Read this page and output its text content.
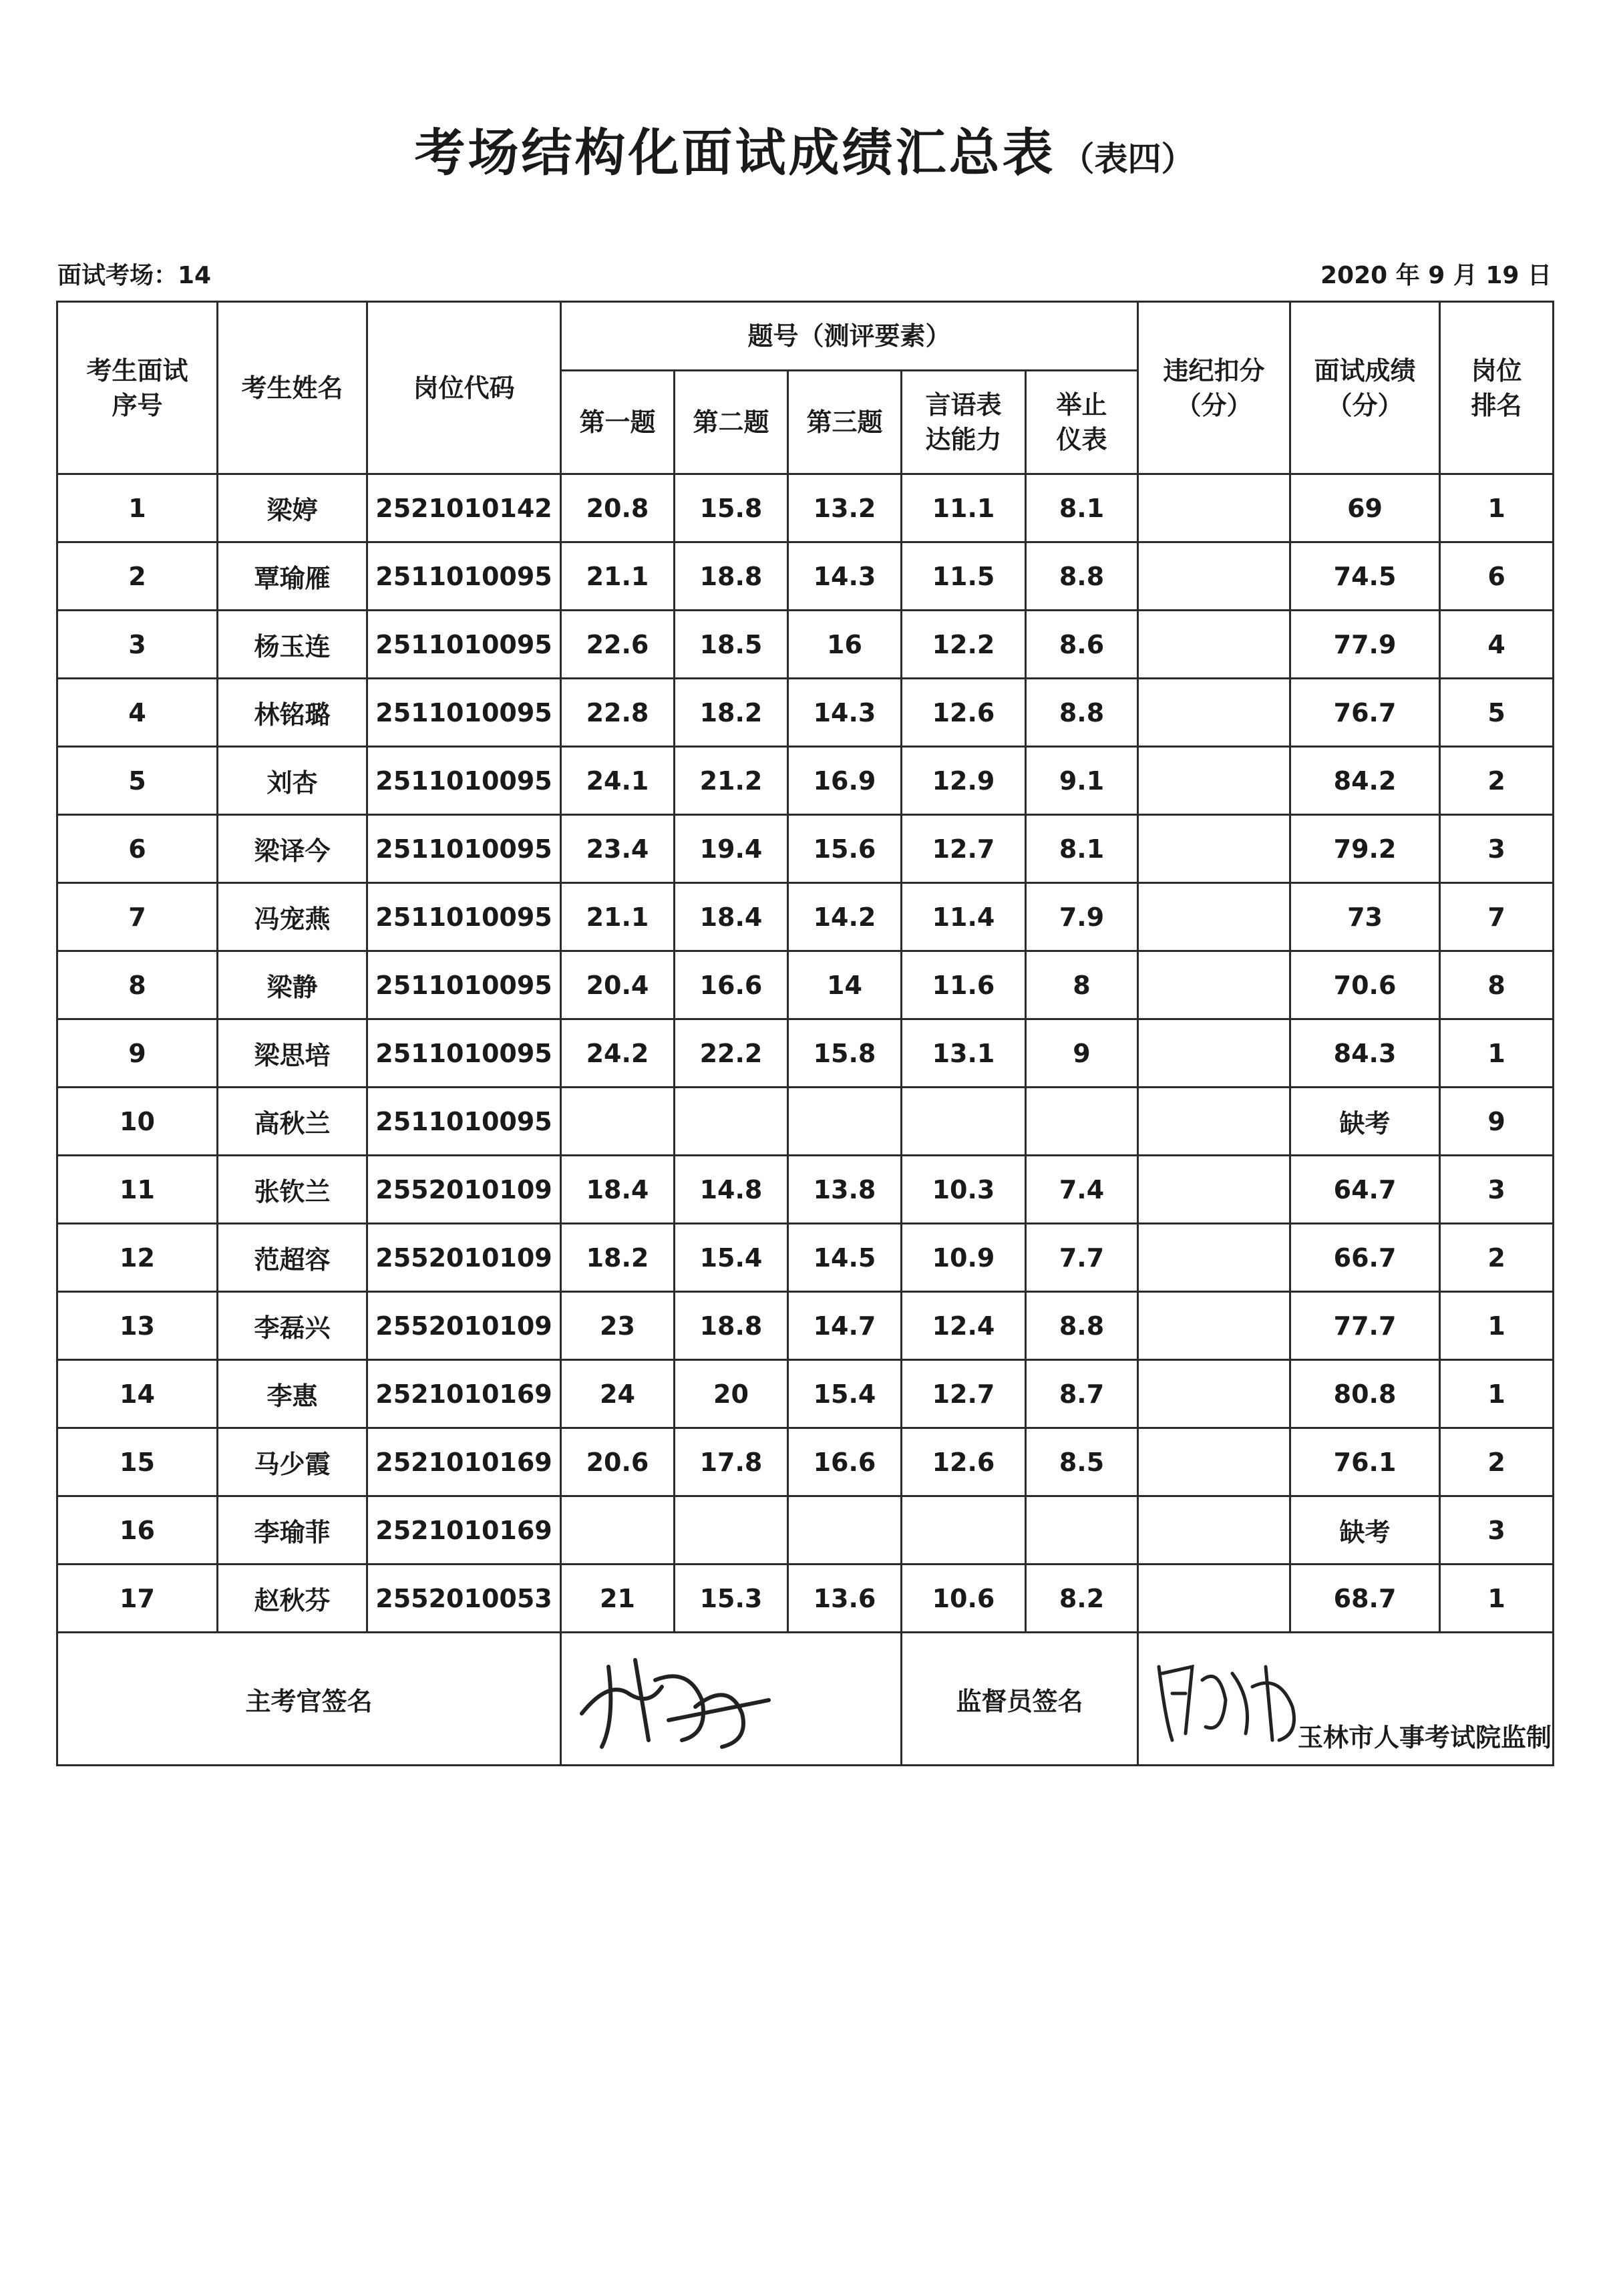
考场结构化面试成绩汇总表 （表四）
面试考场：14	2020 年 9 月 19 日
考生面试序号	考生姓名	岗位代码	题号（测评要素）					违纪扣分（分）	面试成绩（分）	岗位排名
			第一题	第二题	第三题	言语表达能力	举止仪表			
1	梁婷	2521010142	20.8	15.8	13.2	11.1	8.1		69	1
2	覃瑜雁	2511010095	21.1	18.8	14.3	11.5	8.8		74.5	6
3	杨玉连	2511010095	22.6	18.5	16	12.2	8.6		77.9	4
4	林铭璐	2511010095	22.8	18.2	14.3	12.6	8.8		76.7	5
5	刘杏	2511010095	24.1	21.2	16.9	12.9	9.1		84.2	2
6	梁译今	2511010095	23.4	19.4	15.6	12.7	8.1		79.2	3
7	冯宠燕	2511010095	21.1	18.4	14.2	11.4	7.9		73	7
8	梁静	2511010095	20.4	16.6	14	11.6	8		70.6	8
9	梁思培	2511010095	24.2	22.2	15.8	13.1	9		84.3	1
10	高秋兰	2511010095							缺考	9
11	张钦兰	2552010109	18.4	14.8	13.8	10.3	7.4		64.7	3
12	范超容	2552010109	18.2	15.4	14.5	10.9	7.7		66.7	2
13	李磊兴	2552010109	23	18.8	14.7	12.4	8.8		77.7	1
14	李惠	2521010169	24	20	15.4	12.7	8.7		80.8	1
15	马少霞	2521010169	20.6	17.8	16.6	12.6	8.5		76.1	2
16	李瑜菲	2521010169							缺考	3
17	赵秋芬	2552010053	21	15.3	13.6	10.6	8.2		68.7	1
主考官签名						监督员签名	
玉林市人事考试院监制
